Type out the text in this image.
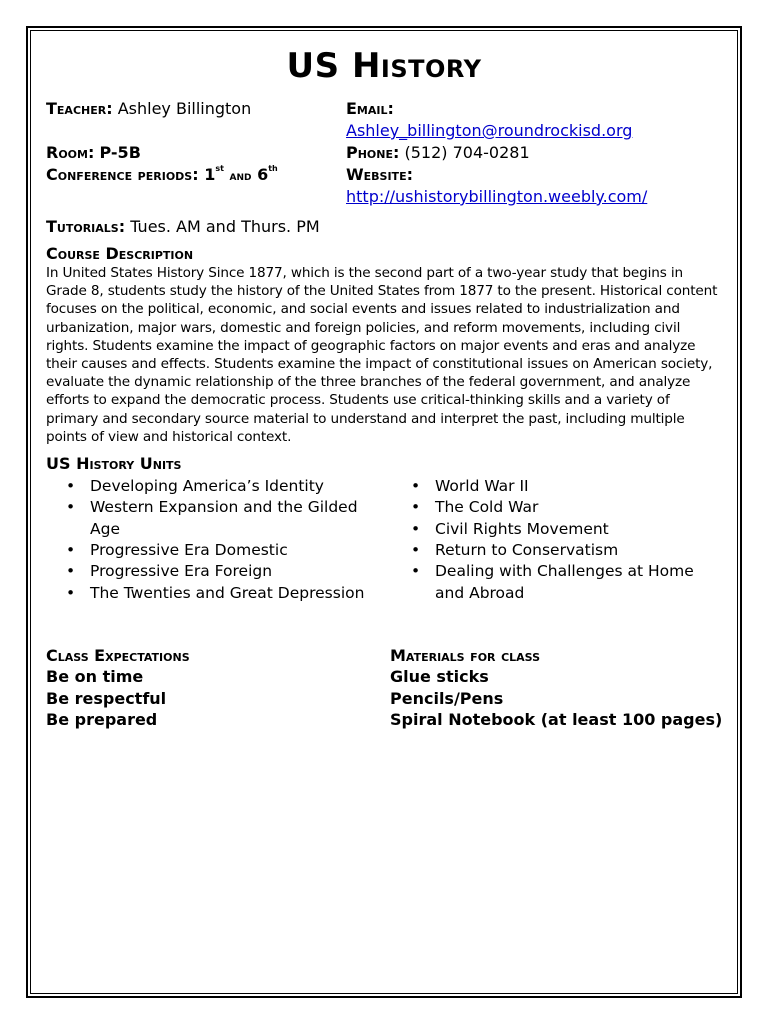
US History
Teacher: Ashley Billington	Email:
Ashley_billington@roundrockisd.org
Room: P-5B	Phone: (512) 704-0281
Conference periods: 1st and 6th	Website:
http://ushistorybillington.weebly.com/
Tutorials: Tues. AM and Thurs. PM
Course Description

In United States History Since 1877, which is the second part of a two-year study that begins in Grade 8, students study the history of the United States from 1877 to the present. Historical content focuses on the political, economic, and social events and issues related to industrialization and urbanization, major wars, domestic and foreign policies, and reform movements, including civil rights. Students examine the impact of geographic factors on major events and eras and analyze their causes and effects. Students examine the impact of constitutional issues on American society, evaluate the dynamic relationship of the three branches of the federal government, and analyze efforts to expand the democratic process. Students use critical-thinking skills and a variety of primary and secondary source material to understand and interpret the past, including multiple points of view and historical context.

US History Units
• Developing America’s Identity
• Western Expansion and the Gilded Age
• Progressive Era Domestic
• Progressive Era Foreign
• The Twenties and Great Depression
• World War II
• The Cold War
• Civil Rights Movement
• Return to Conservatism
• Dealing with Challenges at Home and Abroad
Class Expectations
Be on time
Be respectful
Be prepared
Materials for class
Glue sticks
Pencils/Pens
Spiral Notebook (at least 100 pages)
